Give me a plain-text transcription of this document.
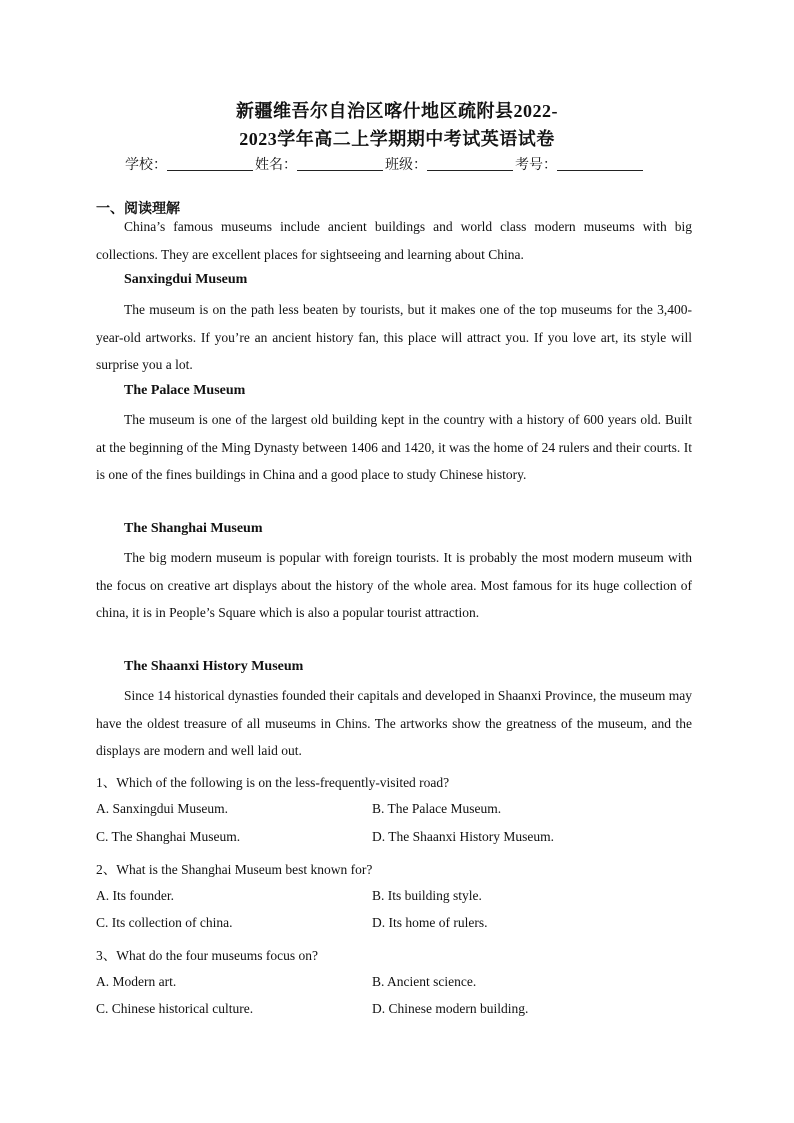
新疆维吾尔自治区喀什地区疏附县2022-
2023学年高二上学期期中考试英语试卷
学校：	姓名：	班级：	考号：
一、阅读理解
China’s famous museums include ancient buildings and world class modern museums with big collections. They are excellent places for sightseeing and learning about China.
Sanxingdui Museum
The museum is on the path less beaten by tourists, but it makes one of the top museums for the 3,400-year-old artworks. If you’re an ancient history fan, this place will attract you. If you love art, its style will surprise you a lot.
The Palace Museum
The museum is one of the largest old building kept in the country with a history of 600 years old. Built at the beginning of the Ming Dynasty between 1406 and 1420, it was the home of 24 rulers and their courts. It is one of the fines buildings in China and a good place to study Chinese history.
The Shanghai Museum
The big modern museum is popular with foreign tourists. It is probably the most modern museum with the focus on creative art displays about the history of the whole area. Most famous for its huge collection of china, it is in People’s Square which is also a popular tourist attraction.
The Shaanxi History Museum
Since 14 historical dynasties founded their capitals and developed in Shaanxi Province, the museum may have the oldest treasure of all museums in Chins. The artworks show the greatness of the museum, and the displays are modern and well laid out.
1、Which of the following is on the less-frequently-visited road?
A. Sanxingdui Museum.	B. The Palace Museum.
C. The Shanghai Museum.	D. The Shaanxi History Museum.
2、What is the Shanghai Museum best known for?
A. Its founder.	B. Its building style.
C. Its collection of china.	D. Its home of rulers.
3、What do the four museums focus on?
A. Modern art.	B. Ancient science.
C. Chinese historical culture.	D. Chinese modern building.
